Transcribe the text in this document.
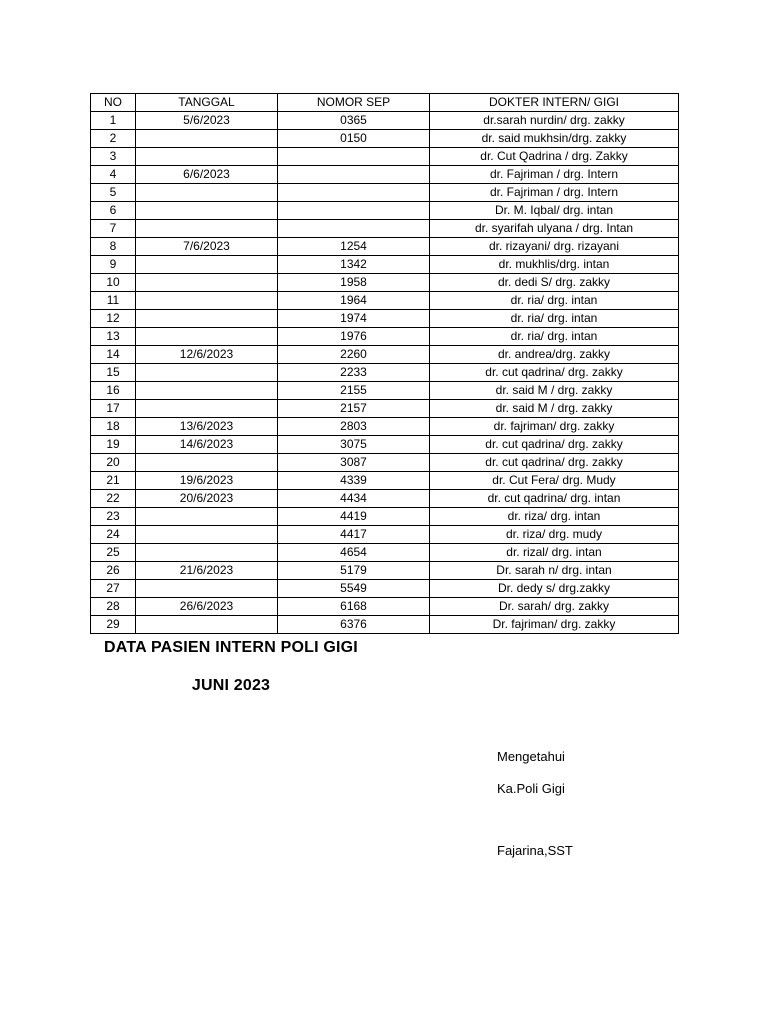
NO	TANGGAL	NOMOR SEP	DOKTER INTERN/ GIGI
1	5/6/2023	0365	dr.sarah nurdin/ drg. zakky
2		0150	dr. said mukhsin/drg. zakky
3			dr. Cut Qadrina / drg. Zakky
4	6/6/2023		dr. Fajriman / drg. Intern
5			dr. Fajriman / drg. Intern
6			Dr. M. Iqbal/ drg. intan
7			dr. syarifah ulyana / drg. Intan
8	7/6/2023	1254	dr. rizayani/ drg. rizayani
9		1342	dr. mukhlis/drg. intan
10		1958	dr. dedi S/ drg. zakky
11		1964	dr. ria/ drg. intan
12		1974	dr. ria/ drg. intan
13		1976	dr. ria/ drg. intan
14	12/6/2023	2260	dr. andrea/drg. zakky
15		2233	dr. cut qadrina/ drg. zakky
16		2155	dr. said M / drg. zakky
17		2157	dr. said M / drg. zakky
18	13/6/2023	2803	dr. fajriman/ drg. zakky
19	14/6/2023	3075	dr. cut qadrina/ drg. zakky
20		3087	dr. cut qadrina/ drg. zakky
21	19/6/2023	4339	dr. Cut Fera/ drg. Mudy
22	20/6/2023	4434	dr. cut qadrina/ drg. intan
23		4419	dr. riza/ drg. intan
24		4417	dr. riza/ drg. mudy
25		4654	dr. rizal/ drg. intan
26	21/6/2023	5179	Dr. sarah n/ drg. intan
27		5549	Dr. dedy s/ drg.zakky
28	26/6/2023	6168	Dr. sarah/ drg. zakky
29		6376	Dr. fajriman/ drg. zakky
DATA PASIEN INTERN POLI GIGI
JUNI 2023
Mengetahui
Ka.Poli Gigi
Fajarina,SST
